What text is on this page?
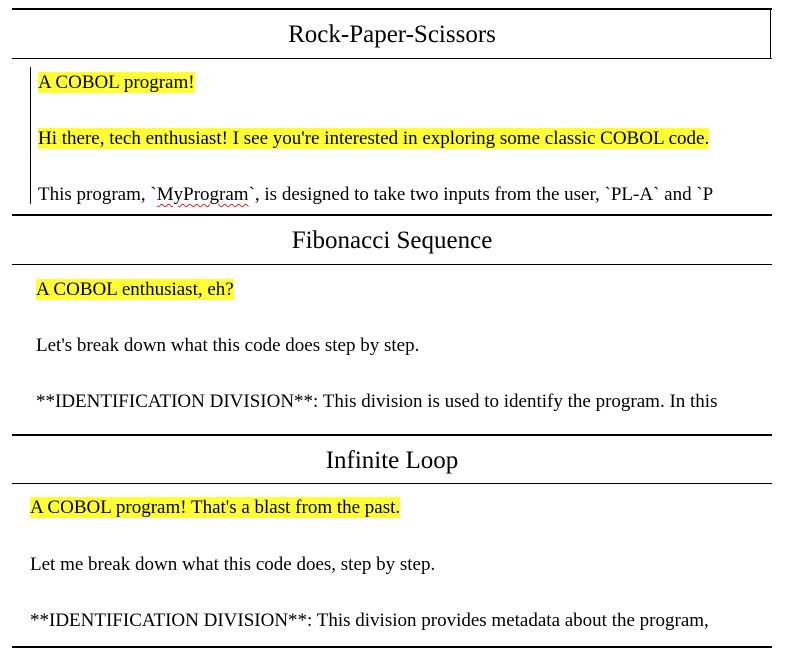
Rock-Paper-Scissors
A COBOL program!
Hi there, tech enthusiast! I see you're interested in exploring some classic COBOL code.
This program, `MyProgram`, is designed to take two inputs from the user, `PL-A` and `P
Fibonacci Sequence
A COBOL enthusiast, eh?
Let's break down what this code does step by step.
**IDENTIFICATION DIVISION**: This division is used to identify the program. In this
Infinite Loop
A COBOL program! That's a blast from the past.
Let me break down what this code does, step by step.
**IDENTIFICATION DIVISION**: This division provides metadata about the program,
